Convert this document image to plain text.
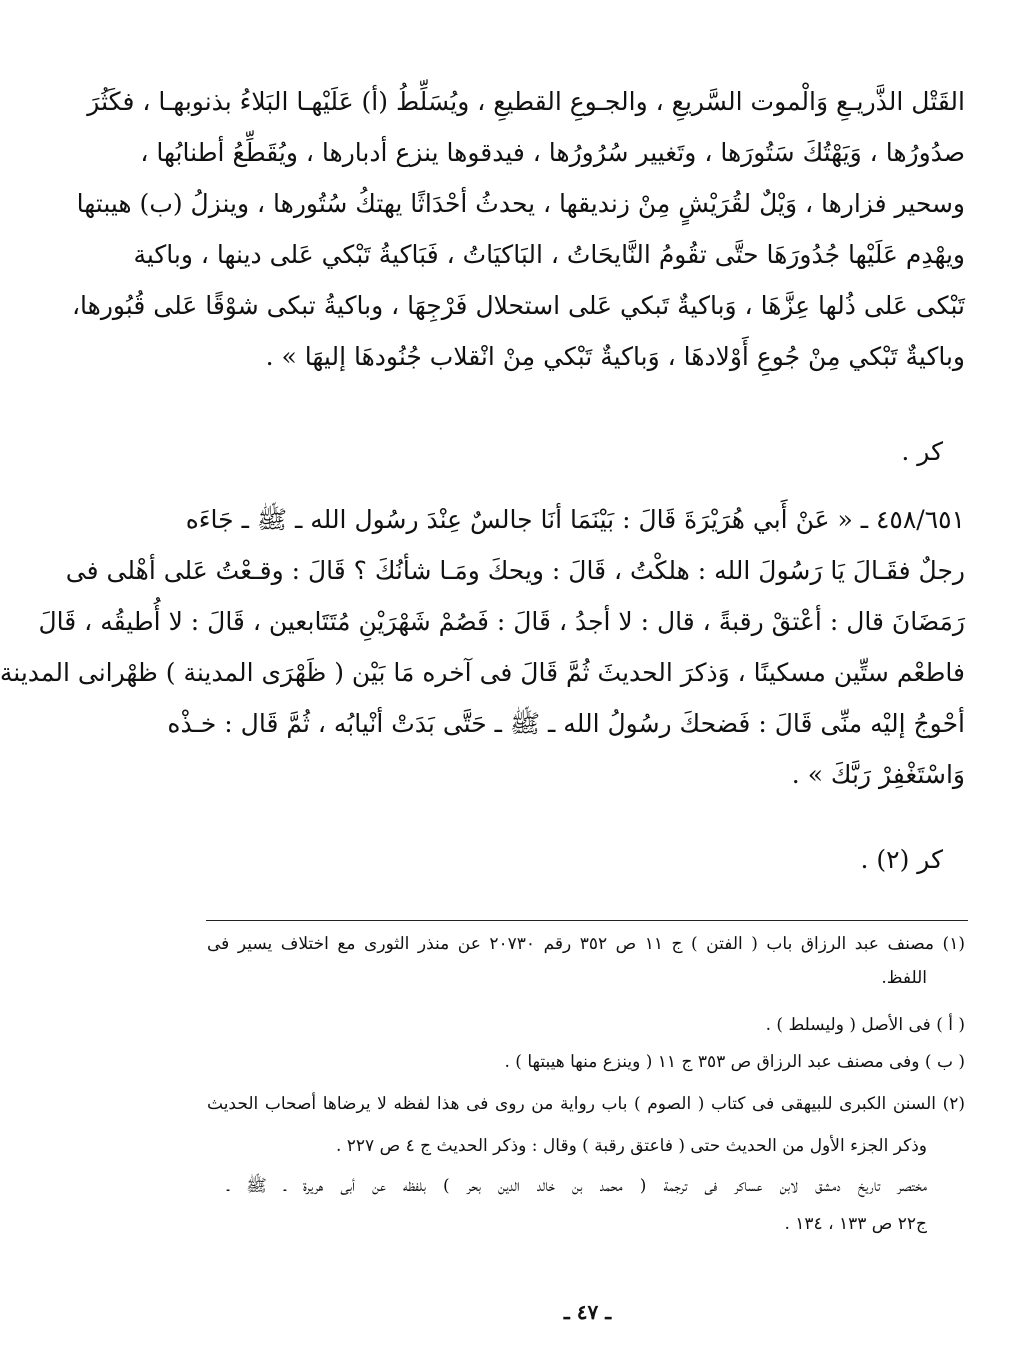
القَتْل الذَّريـعِ وَالْموت السَّريعِ ، والجـوعِ القطيعِ ، ويُسَلِّطُ (أ) عَلَيْهـا البَلاءُ بذنوبهـا ، فكَثُرَ
صدُورُها ، وَيَهْتُكَ سَتُورَها ، وتَغيير سُرُورُها ، فيدقوها ينزع أدبارها ، ويُقَطِّعُ أطنابُها ،
وسحير فزارها ، وَيْلٌ لقُرَيْشٍ مِنْ زنديقها ، يحدثُ أحْدَاثًا يهتكُ سُتُورها ، وينزلُ (ب) هيبتها
ويهْدِم عَلَيْها جُدُورَهَا حتَّى تقُومُ النَّايحَاتُ ، البَاكيَاتُ ، فَبَاكيةُ تَبْكي عَلى دينها ، وباكية
تَبْكى عَلى ذُلها عِزَّهَا ، وَباكيةٌ تَبكي عَلى استحلال فَرْجِهَا ، وباكيةُ تبكى شوْقًا عَلى قُبُورها،
وباكيةٌ تَبْكي مِنْ جُوعِ أَوْلادهَا ، وَباكيةٌ تَبْكي مِنْ انْقلاب جُنُودهَا إليهَا » .
كر .
٤٥٨/٦٥١ ـ « عَنْ أَبي هُرَيْرَةَ قَالَ : بَيْنَمَا أنَا جالسٌ عِنْدَ رسُول الله ـ ﷺ ـ جَاءَه
رجلٌ فقَـالَ يَا رَسُولَ الله : هلكْتُ ، قَالَ : ويحكَ ومَـا شأنُكَ ؟ قَالَ : وقـعْتُ عَلى أهْلى فى
رَمَضَانَ قال : أعْتقْ رقبةً ، قال : لا أجدُ ، قَالَ : فَصُمْ شَهْرَيْنِ مُتَتَابعين ، قَالَ : لا أُطيقُه ، قَالَ
فاطعْم ستِّين مسكينًا ، وَذكرَ الحديثَ ثُمَّ قَالَ فى آخره مَا بَيْن ( ظَهْرَى المدينة ) ظهْرانى المدينة
أحْوجُ إليْه منِّى قَالَ : فَضحكَ رسُولُ الله ـ ﷺ ـ حَتَّى بَدَتْ أنْيابُه ، ثُمَّ قَال : خـذْه
وَاسْتَغْفِرْ رَبَّكَ » .
كر (٢) .
(١) مصنف عبد الرزاق باب ( الفتن ) ج ١١ ص ٣٥٢ رقم ٢٠٧٣٠ عن منذر الثورى مع اختلاف يسير فى
اللفظ.
( أ ) فى الأصل ( وليسلط ) .
( ب ) وفى مصنف عبد الرزاق ص ٣٥٣ ج ١١ ( وينزع منها هيبتها ) .
(٢) السنن الكبرى للبيهقى فى كتاب ( الصوم ) باب رواية من روى فى هذا لفظه لا يرضاها أصحاب الحديث
وذكر الجزء الأول من الحديث حتى ( فاعتق رقبة ) وقال : وذكر الحديث ج ٤ ص ٢٢٧ .
مختصر تاريخ دمشق لابن عساكر فى ترجمة ( محمد بن خالد الدين بحر ) بلفظه عن أبى هريرة ـ ﷺ ـ
ج٢٢ ص ١٣٣ ، ١٣٤ .
ـ ٤٧ ـ
